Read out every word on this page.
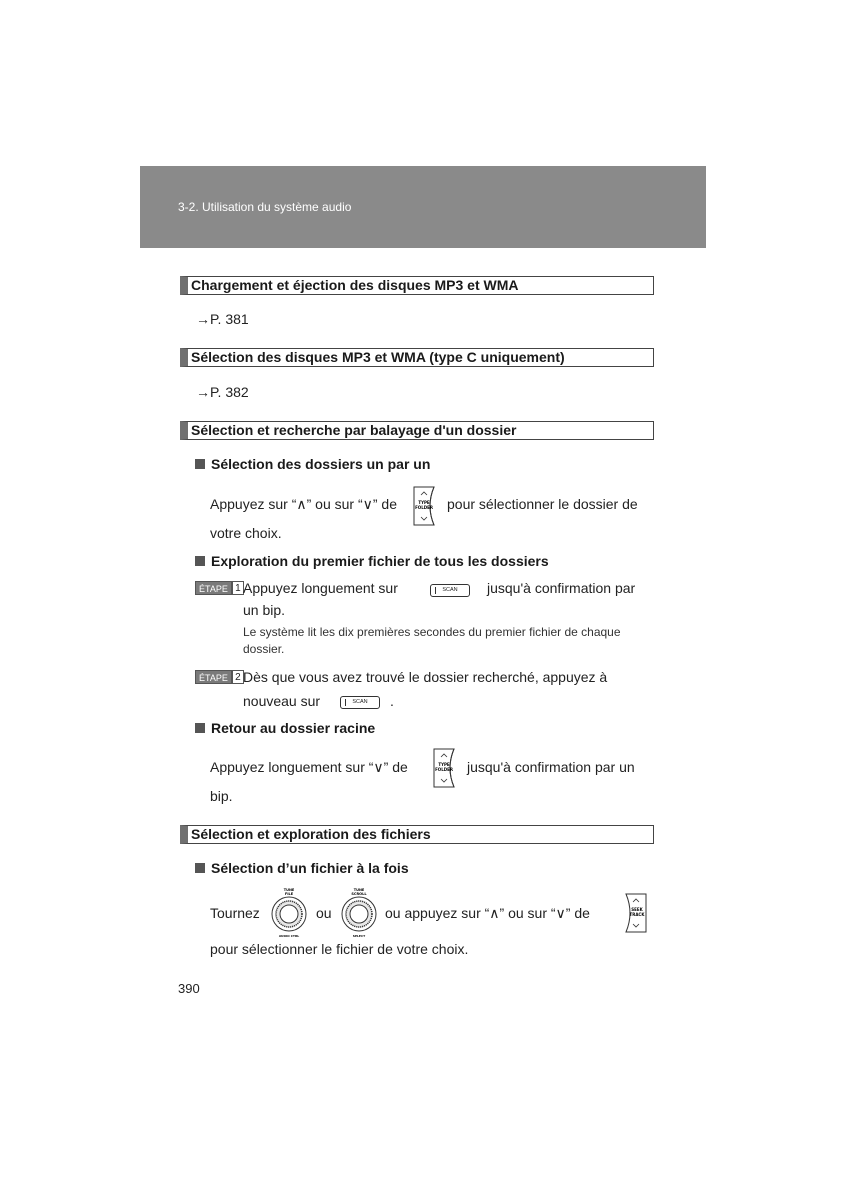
3-2. Utilisation du système audio
Chargement et éjection des disques MP3 et WMA
→P. 381
Sélection des disques MP3 et WMA (type C uniquement)
→P. 382
Sélection et recherche par balayage d'un dossier
Sélection des dossiers un par un
Appuyez sur “∧” ou sur “∨” de	TYPE
FOLDER pour sélectionner le dossier de
votre choix.
Exploration du premier fichier de tous les dossiers
ÉTAPE 1 Appuyez longuement sur	SCAN	jusqu'à confirmation par
un bip.
Le système lit les dix premières secondes du premier fichier de chaque dossier.
ÉTAPE 2 Dès que vous avez trouvé le dossier recherché, appuyez à
nouveau sur	SCAN	.
Retour au dossier racine
Appuyez longuement sur “∨” de	TYPE
FOLDER jusqu'à confirmation par un
bip.
Sélection et exploration des fichiers
Sélection d’un fichier à la fois
Tournez
TUNE
FILE
AUDIO CTRL
ou
TUNE
SCROLL
SELECT
ou appuyez sur “∧” ou sur “∨” de	SEEK
TRACK
pour sélectionner le fichier de votre choix.
390
